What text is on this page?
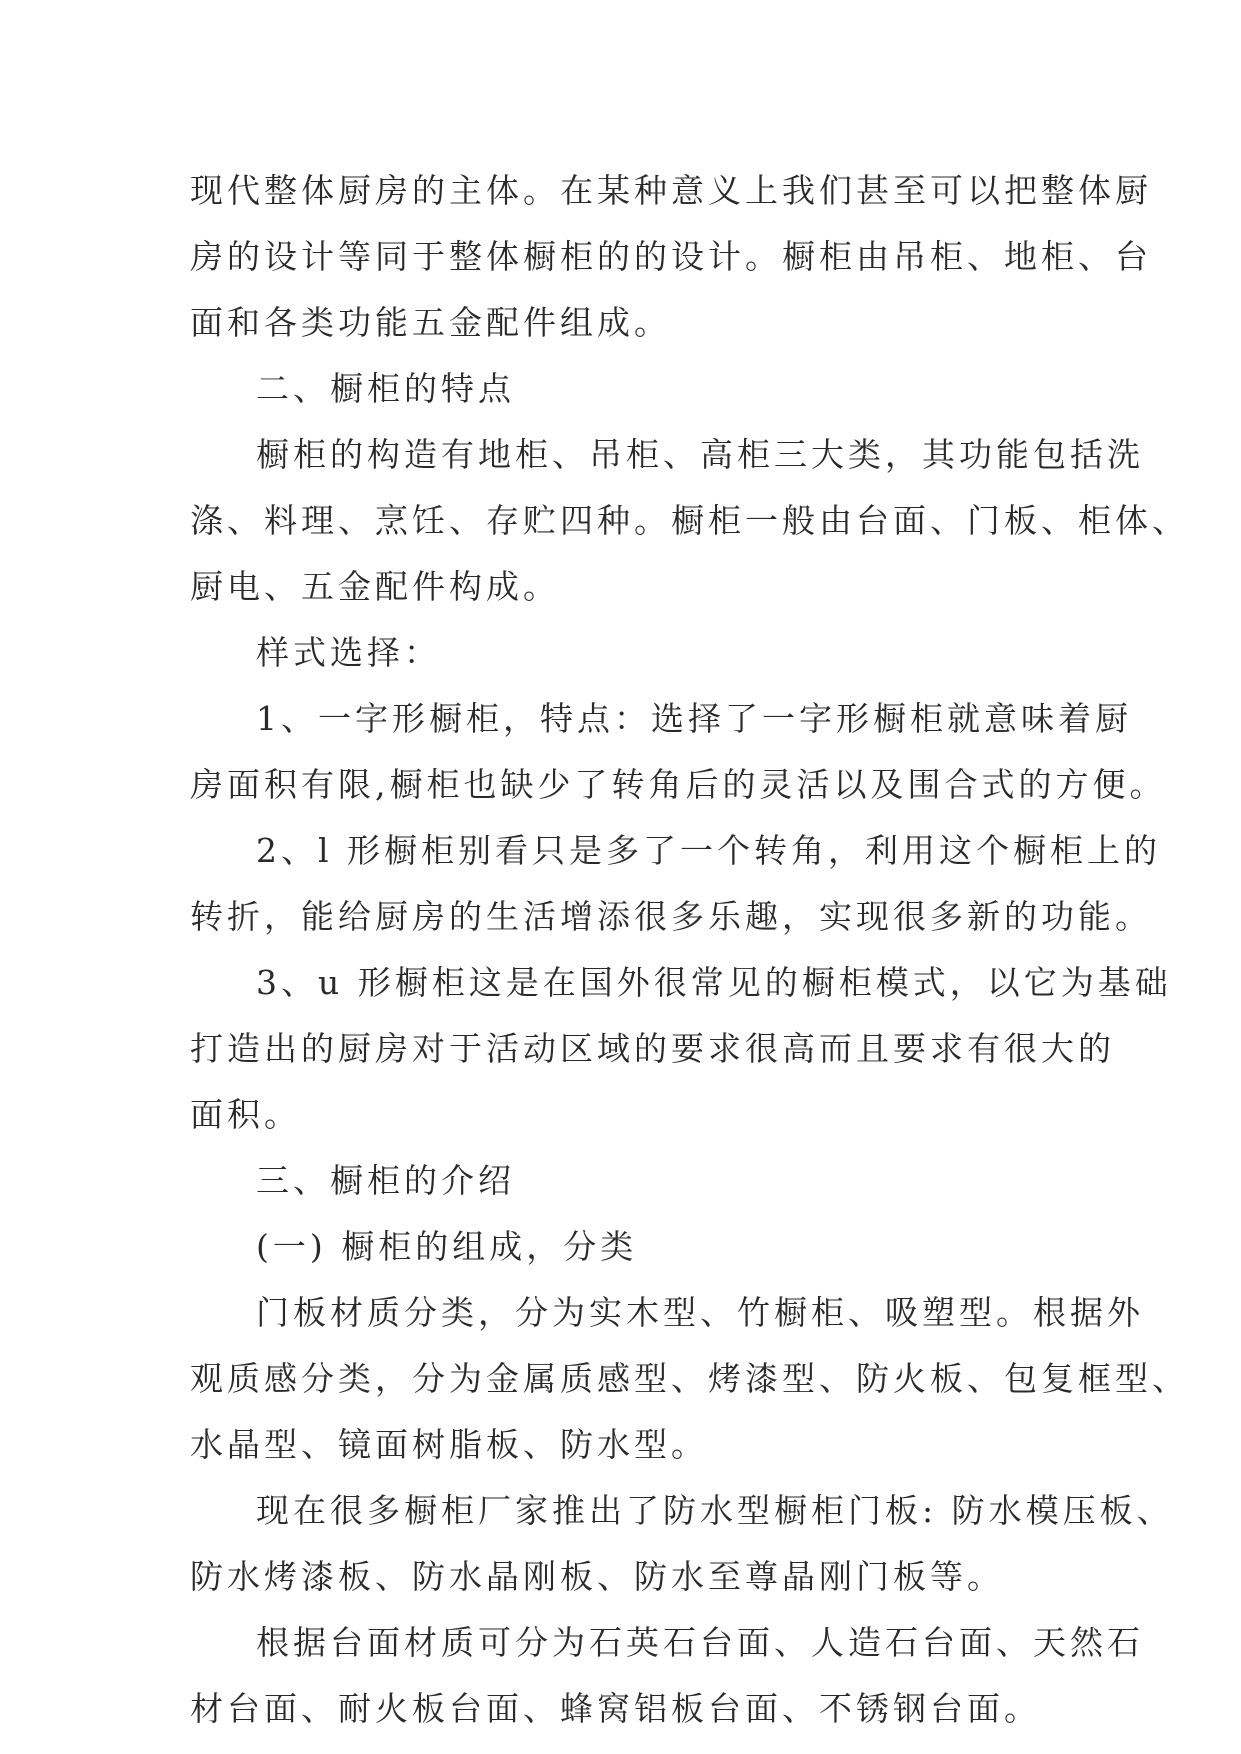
现代整体厨房的主体。在某种意义上我们甚至可以把整体厨
房的设计等同于整体橱柜的的设计。橱柜由吊柜、地柜、台
面和各类功能五金配件组成。
二、橱柜的特点
橱柜的构造有地柜、吊柜、高柜三大类，其功能包括洗
涤、料理、烹饪、存贮四种。橱柜一般由台面、门板、柜体、
厨电、五金配件构成。
样式选择：
1、一字形橱柜，特点：选择了一字形橱柜就意味着厨
房面积有限,橱柜也缺少了转角后的灵活以及围合式的方便。
2、l 形橱柜别看只是多了一个转角，利用这个橱柜上的
转折，能给厨房的生活增添很多乐趣，实现很多新的功能。
3、u 形橱柜这是在国外很常见的橱柜模式，以它为基础
打造出的厨房对于活动区域的要求很高而且要求有很大的
面积。
三、橱柜的介绍
(一) 橱柜的组成，分类
门板材质分类，分为实木型、竹橱柜、吸塑型。根据外
观质感分类，分为金属质感型、烤漆型、防火板、包复框型、
水晶型、镜面树脂板、防水型。
现在很多橱柜厂家推出了防水型橱柜门板: 防水模压板、
防水烤漆板、防水晶刚板、防水至尊晶刚门板等。
根据台面材质可分为石英石台面、人造石台面、天然石
材台面、耐火板台面、蜂窝铝板台面、不锈钢台面。
